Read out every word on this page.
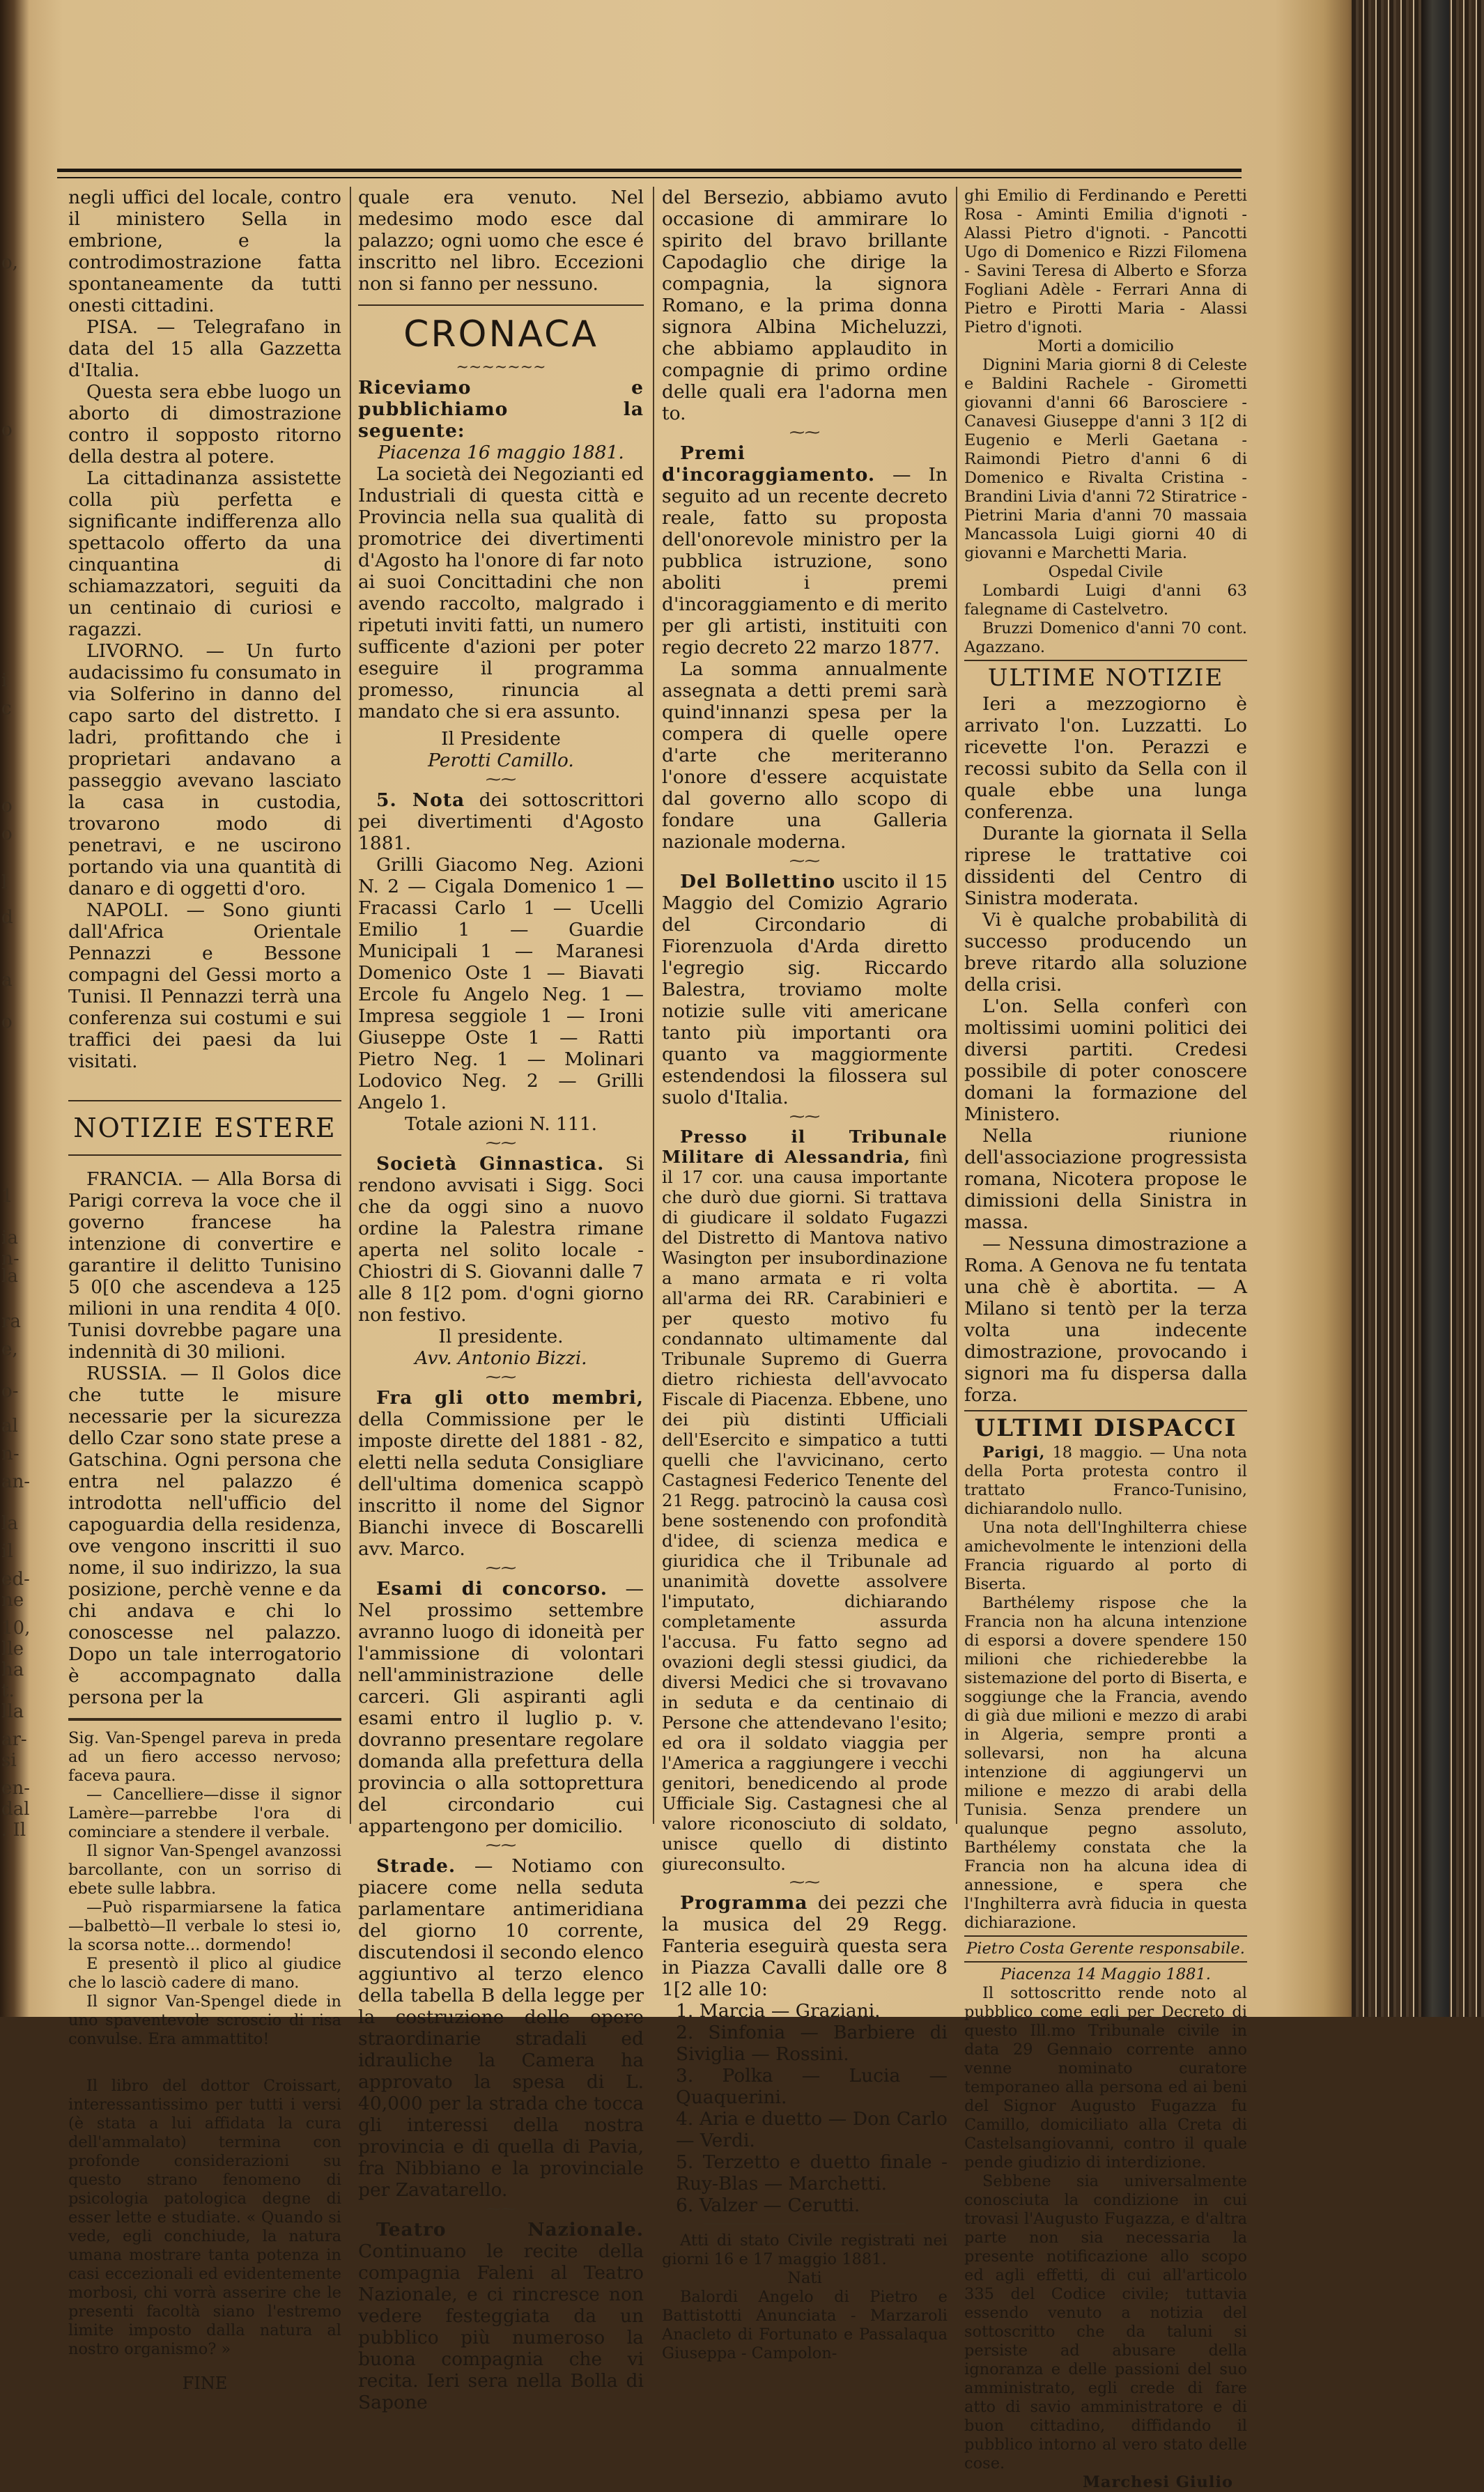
o,
o
i
c
o
o
l
d
a
o
1
ia
n-
la
ra
e,
o-
al
n-
an-
la
il
ed-
ne
10,
lle
ha
t.
lla
ar-
si
en-
dal
. Il

negli uffici del locale, contro il ministero Sella in embrione, e la controdimostrazione fatta spontaneamente da tutti onesti cittadini.

PISA. — Telegrafano in data del 15 alla Gazzetta d'Italia.

Questa sera ebbe luogo un aborto di dimostrazione contro il sopposto ritorno della destra al potere.

La cittadinanza assistette colla più perfetta e significante indifferenza allo spettacolo offerto da una cinquantina di schiamazzatori, seguiti da un centinaio di curiosi e ragazzi.

LIVORNO. — Un furto audacissimo fu consumato in via Solferino in danno del capo sarto del distretto. I ladri, profittando che i proprietari andavano a passeggio avevano lasciato la casa in custodia, trovarono modo di penetravi, e ne uscirono portando via una quantità di danaro e di oggetti d'oro.

NAPOLI. — Sono giunti dall'Africa Orientale Pennazzi e Bessone compagni del Gessi morto a Tunisi. Il Pennazzi terrà una conferenza sui costumi e sui traffici dei paesi da lui visitati.

NOTIZIE ESTERE

FRANCIA. — Alla Borsa di Parigi correva la voce che il governo francese ha intenzione di convertire e garantire il delitto Tunisino 5 0[0 che ascendeva a 125 milioni in una rendita 4 0[0. Tunisi dovrebbe pagare una indennità di 30 milioni.

RUSSIA. — Il Golos dice che tutte le misure necessarie per la sicurezza dello Czar sono state prese a Gatschina. Ogni persona che entra nel palazzo é introdotta nell'ufficio del capoguardia della residenza, ove vengono inscritti il suo nome, il suo indirizzo, la sua posizione, perchè venne e da chi andava e chi lo conoscesse nel palazzo. Dopo un tale interrogatorio è accompagnato dalla persona per la

Sig. Van-Spengel pareva in preda ad un fiero accesso nervoso; faceva paura.

— Cancelliere—disse il signor Lamère—parrebbe l'ora di cominciare a stendere il verbale.

Il signor Van-Spengel avanzossi barcollante, con un sorriso di ebete sulle labbra.

—Può risparmiarsene la fatica—balbettò—Il verbale lo stesi io, la scorsa notte... dormendo!

E presentò il plico al giudice che lo lasciò cadere di mano.

Il signor Van-Spengel diede in uno spaventevole scroscio di risa convulse. Era ammattito!

Il libro del dottor Croissart, interessantissimo per tutti i versi (è stata a lui affidata la cura dell'ammalato) termina con profonde considerazioni su questo strano fenomeno di psicologia patologica degne di esser lette e studiate. « Quando si vede, egli conchiude, la natura umana mostrare tanta potenza in casi eccezionali ed evidentemente morbosi, chi vorrà asserire che le presenti facoltà siano l'estremo limite imposto dalla natura al nostro organismo? »

FINE

quale era venuto. Nel medesimo modo esce dal palazzo; ogni uomo che esce é inscritto nel libro. Eccezioni non si fanno per nessuno.

CRONACA
~~~~~~~

Riceviamo e pubblichiamo la seguente:

Piacenza 16 maggio 1881.

La società dei Negozianti ed Industriali di questa città e Provincia nella sua qualità di promotrice dei divertimenti d'Agosto ha l'onore di far noto ai suoi Concittadini che non avendo raccolto, malgrado i ripetuti inviti fatti, un numero sufficente d'azioni per poter eseguire il programma promesso, rinuncia al mandato che si era assunto.

Il Presidente

Perotti Camillo.

⁓⁓

5. Nota dei sottoscrittori pei divertimenti d'Agosto 1881.

Grilli Giacomo Neg. Azioni N. 2 — Cigala Domenico 1 — Fracassi Carlo 1 — Ucelli Emilio 1 — Guardie Municipali 1 — Maranesi Domenico Oste 1 — Biavati Ercole fu Angelo Neg. 1 — Impresa seggiole 1 — Ironi Giuseppe Oste 1 — Ratti Pietro Neg. 1 — Molinari Lodovico Neg. 2 — Grilli Angelo 1.

Totale azioni N. 111.

⁓⁓

Società Ginnastica. Si rendono avvisati i Sigg. Soci che da oggi sino a nuovo ordine la Palestra rimane aperta nel solito locale - Chiostri di S. Giovanni dalle 7 alle 8 1[2 pom. d'ogni giorno non festivo.

Il presidente.

Avv. Antonio Bizzi.

⁓⁓

Fra gli otto membri, della Commissione per le imposte dirette del 1881 - 82, eletti nella seduta Consigliare dell'ultima domenica scappò inscritto il nome del Signor Bianchi invece di Boscarelli avv. Marco.

⁓⁓

Esami di concorso. — Nel prossimo settembre avranno luogo di idoneità per l'ammissione di volontari nell'amministrazione delle carceri. Gli aspiranti agli esami entro il luglio p. v. dovranno presentare regolare domanda alla prefettura della provincia o alla sottoprettura del circondario cui appartengono per domicilio.

⁓⁓

Strade. — Notiamo con piacere come nella seduta parlamentare antimeridiana del giorno 10 corrente, discutendosi il secondo elenco aggiuntivo al terzo elenco della tabella B della legge per la costruzione delle opere straordinarie stradali ed idrauliche la Camera ha approvato la spesa di L. 40,000 per la strada che tocca gli interessi della nostra provincia e di quella di Pavia, fra Nibbiano e la provinciale per Zavatarello.

⁓⁓

Teatro Nazionale. Continuano le recite della compagnia Faleni al Teatro Nazionale, e ci rincresce non vedere festeggiata da un pubblico più numeroso la buona compagnia che vi recita. Ieri sera nella Bolla di Sapone

del Bersezio, abbiamo avuto occasione di ammirare lo spirito del bravo brillante Capodaglio che dirige la compagnia, la signora Romano, e la prima donna signora Albina Micheluzzi, che abbiamo applaudito in compagnie di primo ordine delle quali era l'adorna men to.

⁓⁓

Premi d'incoraggiamento. — In seguito ad un recente decreto reale, fatto su proposta dell'onorevole ministro per la pubblica istruzione, sono aboliti i premi d'incoraggiamento e di merito per gli artisti, instituiti con regio decreto 22 marzo 1877.

La somma annualmente assegnata a detti premi sarà quind'innanzi spesa per la compera di quelle opere d'arte che meriteranno l'onore d'essere acquistate dal governo allo scopo di fondare una Galleria nazionale moderna.

⁓⁓

Del Bollettino uscito il 15 Maggio del Comizio Agrario del Circondario di Fiorenzuola d'Arda diretto l'egregio sig. Riccardo Balestra, troviamo molte notizie sulle viti americane tanto più importanti ora quanto va maggiormente estendendosi la filossera sul suolo d'Italia.

⁓⁓

Presso il Tribunale Militare di Alessandria, finì il 17 cor. una causa importante che durò due giorni. Si trattava di giudicare il soldato Fugazzi del Distretto di Mantova nativo Wasington per insubordinazione a mano armata e ri volta all'arma dei RR. Carabinieri e per questo motivo fu condannato ultimamente dal Tribunale Supremo di Guerra dietro richiesta dell'avvocato Fiscale di Piacenza. Ebbene, uno dei più distinti Ufficiali dell'Esercito e simpatico a tutti quelli che l'avvicinano, certo Castagnesi Federico Tenente del 21 Regg. patrocinò la causa così bene sostenendo con profondità d'idee, di scienza medica e giuridica che il Tribunale ad unanimità dovette assolvere l'imputato, dichiarando completamente assurda l'accusa. Fu fatto segno ad ovazioni degli stessi giudici, da diversi Medici che si trovavano in seduta e da centinaio di Persone che attendevano l'esito; ed ora il soldato viaggia per l'America a raggiungere i vecchi genitori, benedicendo al prode Ufficiale Sig. Castagnesi che al valore riconosciuto di soldato, unisce quello di distinto giureconsulto.

⁓⁓

Programma dei pezzi che la musica del 29 Regg. Fanteria eseguirà questa sera in Piazza Cavalli dalle ore 8 1[2 alle 10:

1. Marcia — Graziani.

2. Sinfonia — Barbiere di Siviglia — Rossini.

3. Polka — Lucia — Quaquerini.

4. Aria e duetto — Don Carlo — Verdi.

5. Terzetto e duetto finale - Ruy-Blas — Marchetti.

6. Valzer — Cerutti.

Atti di stato Civile registrati nei giorni 16 e 17 maggio 1881.

Nati

Balordi Angelo di Pietro e Battistotti Anunciata - Marzaroli Anacleto di Fortunato e Passalaqua Giuseppa - Campolon-

ghi Emilio di Ferdinando e Peretti Rosa - Aminti Emilia d'ignoti - Alassi Pietro d'ignoti. - Pancotti Ugo di Domenico e Rizzi Filomena - Savini Teresa di Alberto e Sforza Fogliani Adèle - Ferrari Anna di Pietro e Pirotti Maria - Alassi Pietro d'ignoti.

Morti a domicilio

Dignini Maria giorni 8 di Celeste e Baldini Rachele - Girometti giovanni d'anni 66 Barosciere - Canavesi Giuseppe d'anni 3 1[2 di Eugenio e Merli Gaetana - Raimondi Pietro d'anni 6 di Domenico e Rivalta Cristina - Brandini Livia d'anni 72 Stiratrice - Pietrini Maria d'anni 70 massaia Mancassola Luigi giorni 40 di giovanni e Marchetti Maria.

Ospedal Civile

Lombardi Luigi d'anni 63 falegname di Castelvetro.

Bruzzi Domenico d'anni 70 cont. Agazzano.

ULTIME NOTIZIE

Ieri a mezzogiorno è arrivato l'on. Luzzatti. Lo ricevette l'on. Perazzi e recossi subito da Sella con il quale ebbe una lunga conferenza.

Durante la giornata il Sella riprese le trattative coi dissidenti del Centro di Sinistra moderata.

Vi è qualche probabilità di successo producendo un breve ritardo alla soluzione della crisi.

L'on. Sella conferì con moltissimi uomini politici dei diversi partiti. Credesi possibile di poter conoscere domani la formazione del Ministero.

Nella riunione dell'associazione progressista romana, Nicotera propose le dimissioni della Sinistra in massa.

— Nessuna dimostrazione a Roma. A Genova ne fu tentata una chè è abortita. — A Milano si tentò per la terza volta una indecente dimostrazione, provocando i signori ma fu dispersa dalla forza.

ULTIMI DISPACCI

Parigi, 18 maggio. — Una nota della Porta protesta contro il trattato Franco-Tunisino, dichiarandolo nullo.

Una nota dell'Inghilterra chiese amichevolmente le intenzioni della Francia riguardo al porto di Biserta.

Barthélemy rispose che la Francia non ha alcuna intenzione di esporsi a dovere spendere 150 milioni che richiederebbe la sistemazione del porto di Biserta, e soggiunge che la Francia, avendo di già due milioni e mezzo di arabi in Algeria, sempre pronti a sollevarsi, non ha alcuna intenzione di aggiungervi un milione e mezzo di arabi della Tunisia. Senza prendere un qualunque pegno assoluto, Barthélemy constata che la Francia non ha alcuna idea di annessione, e spera che l'Inghilterra avrà fiducia in questa dichiarazione.

Pietro Costa Gerente responsabile.

Piacenza 14 Maggio 1881.

Il sottoscritto rende noto al pubblico come egli per Decreto di questo Ill.mo Tribunale civile in data 29 Gennaio corrente anno venne nominato curatore temporaneo alla persona ed ai beni del Signor Augusto Fugazza fu Camillo, domiciliato alla Creta di Castelsangiovanni, contro il quale pende giudizio di interdizione.

Sebbene sia universalmente conosciuta la condizione in cui trovasi l'Augusto Fugazza, e d'altra parte non sia necessaria la presente notificazione allo scopo ed agli effetti, di cui all'articolo 335 del Codice civile; tuttavia essendo venuto a notizia del sottoscritto che da taluni si persiste ad abusare della ignoranza e delle passioni del suo amministrato, egli crede di fare atto di savio amministratore e di buon cittadino, diffidando il pubblico intorno al vero stato delle cose.

Marchesi Giulio
